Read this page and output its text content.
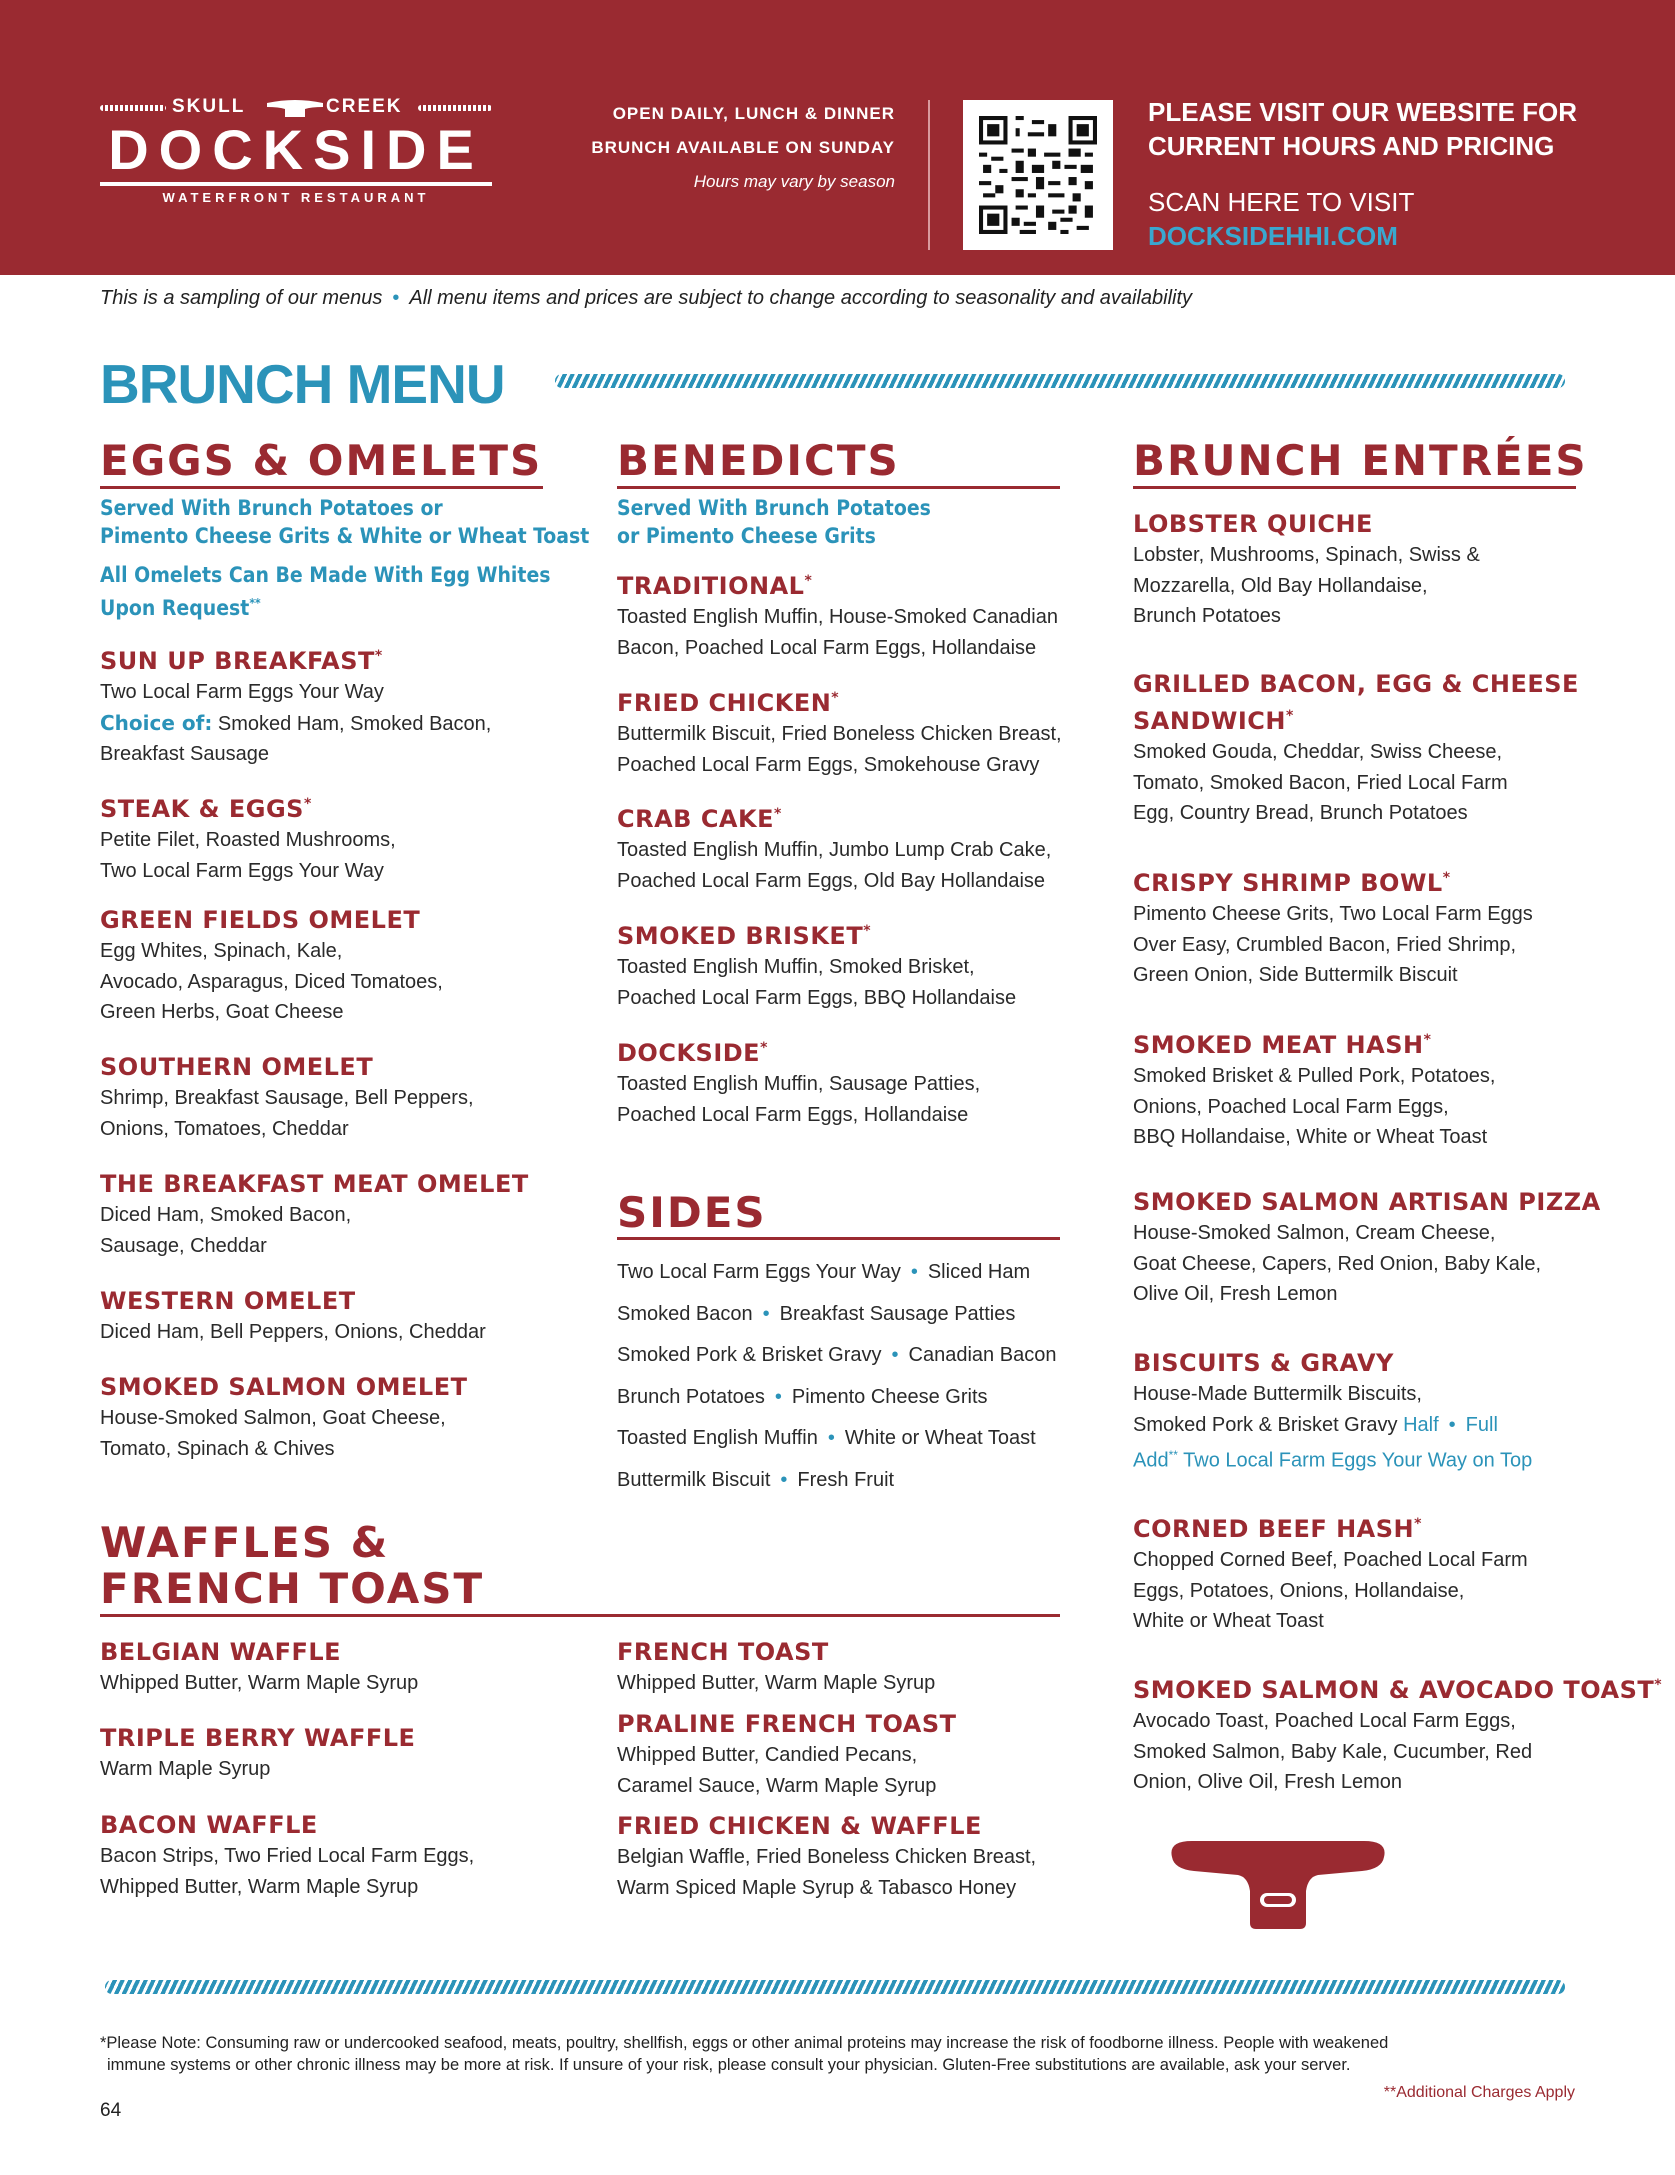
SKULL	CREEK
DOCKSIDE
WATERFRONT RESTAURANT
OPEN DAILY, LUNCH & DINNER
BRUNCH AVAILABLE ON SUNDAY
Hours may vary by season
PLEASE VISIT OUR WEBSITE FOR
CURRENT HOURS AND PRICING
SCAN HERE TO VISIT
DOCKSIDEHHI.COM
This is a sampling of our menus • All menu items and prices are subject to change according to seasonality and availability
BRUNCH MENU
EGGS & OMELETS
Served With Brunch Potatoes or
Pimento Cheese Grits & White or Wheat Toast
All Omelets Can Be Made With Egg Whites
Upon Request**
SUN UP BREAKFAST*
Two Local Farm Eggs Your Way
Choice of: Smoked Ham, Smoked Bacon,
Breakfast Sausage
STEAK & EGGS*
Petite Filet, Roasted Mushrooms,
Two Local Farm Eggs Your Way
GREEN FIELDS OMELET
Egg Whites, Spinach, Kale,
Avocado, Asparagus, Diced Tomatoes,
Green Herbs, Goat Cheese
SOUTHERN OMELET
Shrimp, Breakfast Sausage, Bell Peppers,
Onions, Tomatoes, Cheddar
THE BREAKFAST MEAT OMELET
Diced Ham, Smoked Bacon,
Sausage, Cheddar
WESTERN OMELET
Diced Ham, Bell Peppers, Onions, Cheddar
SMOKED SALMON OMELET
House-Smoked Salmon, Goat Cheese,
Tomato, Spinach & Chives
BENEDICTS
Served With Brunch Potatoes
or Pimento Cheese Grits
TRADITIONAL*
Toasted English Muffin, House-Smoked Canadian
Bacon, Poached Local Farm Eggs, Hollandaise
FRIED CHICKEN*
Buttermilk Biscuit, Fried Boneless Chicken Breast,
Poached Local Farm Eggs, Smokehouse Gravy
CRAB CAKE*
Toasted English Muffin, Jumbo Lump Crab Cake,
Poached Local Farm Eggs, Old Bay Hollandaise
SMOKED BRISKET*
Toasted English Muffin, Smoked Brisket,
Poached Local Farm Eggs, BBQ Hollandaise
DOCKSIDE*
Toasted English Muffin, Sausage Patties,
Poached Local Farm Eggs, Hollandaise
SIDES
Two Local Farm Eggs Your Way • Sliced Ham
Smoked Bacon • Breakfast Sausage Patties
Smoked Pork & Brisket Gravy • Canadian Bacon
Brunch Potatoes • Pimento Cheese Grits
Toasted English Muffin • White or Wheat Toast
Buttermilk Biscuit • Fresh Fruit
BRUNCH ENTRÉES
LOBSTER QUICHE
Lobster, Mushrooms, Spinach, Swiss &
Mozzarella, Old Bay Hollandaise,
Brunch Potatoes
GRILLED BACON, EGG & CHEESE
SANDWICH*
Smoked Gouda, Cheddar, Swiss Cheese,
Tomato, Smoked Bacon, Fried Local Farm
Egg, Country Bread, Brunch Potatoes
CRISPY SHRIMP BOWL*
Pimento Cheese Grits, Two Local Farm Eggs
Over Easy, Crumbled Bacon, Fried Shrimp,
Green Onion, Side Buttermilk Biscuit
SMOKED MEAT HASH*
Smoked Brisket & Pulled Pork, Potatoes,
Onions, Poached Local Farm Eggs,
BBQ Hollandaise, White or Wheat Toast
SMOKED SALMON ARTISAN PIZZA
House-Smoked Salmon, Cream Cheese,
Goat Cheese, Capers, Red Onion, Baby Kale,
Olive Oil, Fresh Lemon
BISCUITS & GRAVY
House-Made Buttermilk Biscuits,
Smoked Pork & Brisket Gravy Half • Full
Add** Two Local Farm Eggs Your Way on Top
CORNED BEEF HASH*
Chopped Corned Beef, Poached Local Farm
Eggs, Potatoes, Onions, Hollandaise,
White or Wheat Toast
SMOKED SALMON & AVOCADO TOAST*
Avocado Toast, Poached Local Farm Eggs,
Smoked Salmon, Baby Kale, Cucumber, Red
Onion, Olive Oil, Fresh Lemon
WAFFLES &
FRENCH TOAST
BELGIAN WAFFLE
Whipped Butter, Warm Maple Syrup
TRIPLE BERRY WAFFLE
Warm Maple Syrup
BACON WAFFLE
Bacon Strips, Two Fried Local Farm Eggs,
Whipped Butter, Warm Maple Syrup
FRENCH TOAST
Whipped Butter, Warm Maple Syrup
PRALINE FRENCH TOAST
Whipped Butter, Candied Pecans,
Caramel Sauce, Warm Maple Syrup
FRIED CHICKEN & WAFFLE
Belgian Waffle, Fried Boneless Chicken Breast,
Warm Spiced Maple Syrup & Tabasco Honey
*Please Note: Consuming raw or undercooked seafood, meats, poultry, shellfish, eggs or other animal proteins may increase the risk of foodborne illness. People with weakened
immune systems or other chronic illness may be more at risk. If unsure of your risk, please consult your physician. Gluten-Free substitutions are available, ask your server.
**Additional Charges Apply
64
